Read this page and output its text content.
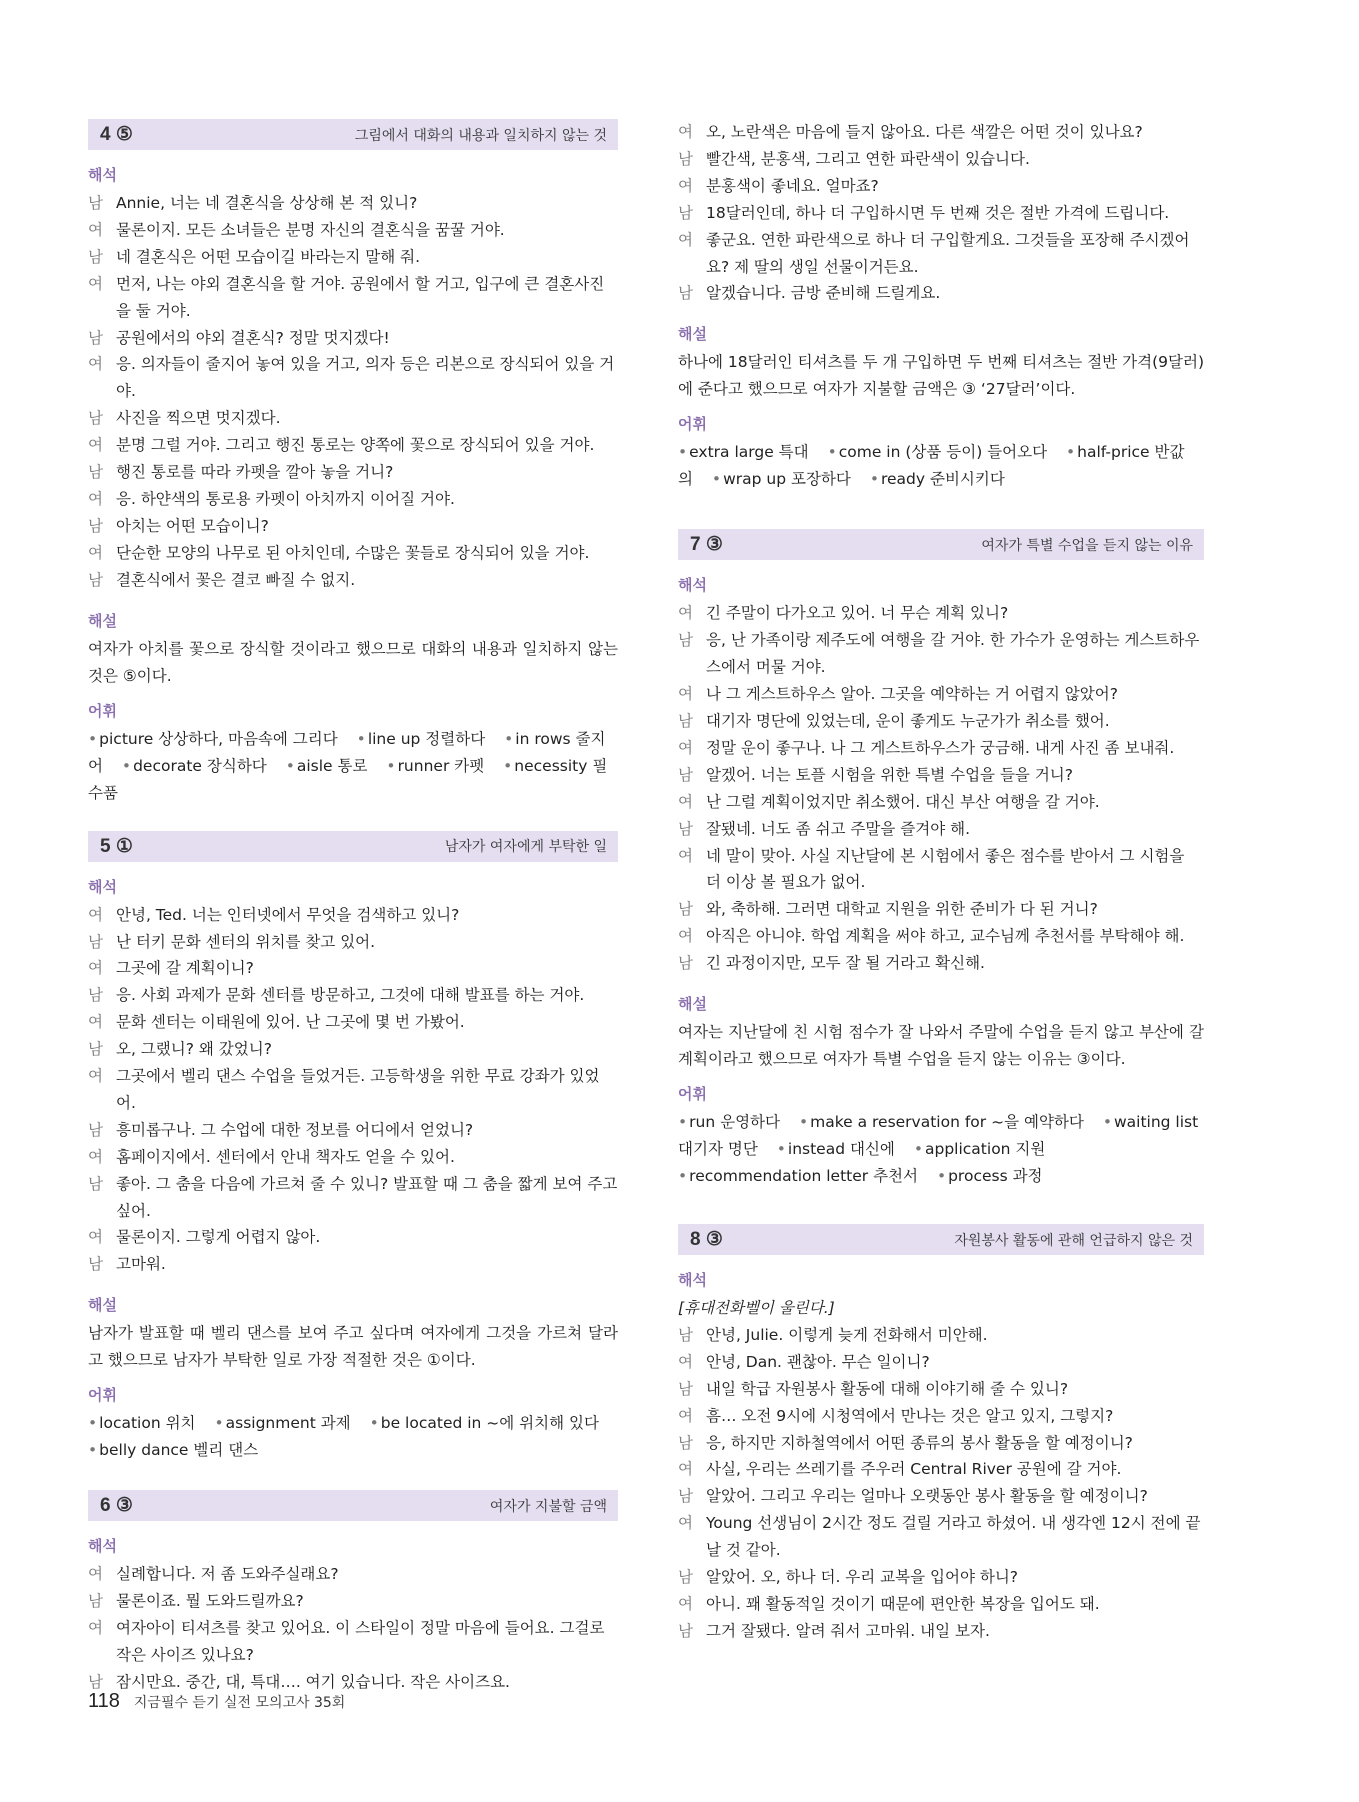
4 ⑤	그림에서 대화의 내용과 일치하지 않는 것
해석
남 Annie, 너는 네 결혼식을 상상해 본 적 있니?
여 물론이지. 모든 소녀들은 분명 자신의 결혼식을 꿈꿀 거야.
남 네 결혼식은 어떤 모습이길 바라는지 말해 줘.
여 먼저, 나는 야외 결혼식을 할 거야. 공원에서 할 거고, 입구에 큰 결혼사진을 둘 거야.
남 공원에서의 야외 결혼식? 정말 멋지겠다!
여 응. 의자들이 줄지어 놓여 있을 거고, 의자 등은 리본으로 장식되어 있을 거야.
남 사진을 찍으면 멋지겠다.
여 분명 그럴 거야. 그리고 행진 통로는 양쪽에 꽃으로 장식되어 있을 거야.
남 행진 통로를 따라 카펫을 깔아 놓을 거니?
여 응. 하얀색의 통로용 카펫이 아치까지 이어질 거야.
남 아치는 어떤 모습이니?
여 단순한 모양의 나무로 된 아치인데, 수많은 꽃들로 장식되어 있을 거야.
남 결혼식에서 꽃은 결코 빠질 수 없지.
해설

여자가 아치를 꽃으로 장식할 것이라고 했으므로 대화의 내용과 일치하지 않는 것은 ⑤이다.

어휘
• picture 상상하다, 마음속에 그리다 • line up 정렬하다 • in rows 줄지어 • decorate 장식하다 • aisle 통로 • runner 카펫 • necessity 필수품
5 ①	남자가 여자에게 부탁한 일
해석
여 안녕, Ted. 너는 인터넷에서 무엇을 검색하고 있니?
남 난 터키 문화 센터의 위치를 찾고 있어.
여 그곳에 갈 계획이니?
남 응. 사회 과제가 문화 센터를 방문하고, 그것에 대해 발표를 하는 거야.
여 문화 센터는 이태원에 있어. 난 그곳에 몇 번 가봤어.
남 오, 그랬니? 왜 갔었니?
여 그곳에서 벨리 댄스 수업을 들었거든. 고등학생을 위한 무료 강좌가 있었어.
남 흥미롭구나. 그 수업에 대한 정보를 어디에서 얻었니?
여 홈페이지에서. 센터에서 안내 책자도 얻을 수 있어.
남 좋아. 그 춤을 다음에 가르쳐 줄 수 있니? 발표할 때 그 춤을 짧게 보여 주고 싶어.
여 물론이지. 그렇게 어렵지 않아.
남 고마워.
해설

남자가 발표할 때 벨리 댄스를 보여 주고 싶다며 여자에게 그것을 가르쳐 달라고 했으므로 남자가 부탁한 일로 가장 적절한 것은 ①이다.

어휘
• location 위치 • assignment 과제 • be located in ~에 위치해 있다 • belly dance 벨리 댄스
6 ③	여자가 지불할 금액
해석
여 실례합니다. 저 좀 도와주실래요?
남 물론이죠. 뭘 도와드릴까요?
여 여자아이 티셔츠를 찾고 있어요. 이 스타일이 정말 마음에 들어요. 그걸로 작은 사이즈 있나요?
남 잠시만요. 중간, 대, 특대…. 여기 있습니다. 작은 사이즈요.
여 오, 노란색은 마음에 들지 않아요. 다른 색깔은 어떤 것이 있나요?
남 빨간색, 분홍색, 그리고 연한 파란색이 있습니다.
여 분홍색이 좋네요. 얼마죠?
남 18달러인데, 하나 더 구입하시면 두 번째 것은 절반 가격에 드립니다.
여 좋군요. 연한 파란색으로 하나 더 구입할게요. 그것들을 포장해 주시겠어요? 제 딸의 생일 선물이거든요.
남 알겠습니다. 금방 준비해 드릴게요.
해설

하나에 18달러인 티셔츠를 두 개 구입하면 두 번째 티셔츠는 절반 가격(9달러)에 준다고 했으므로 여자가 지불할 금액은 ③ ‘27달러’이다.

어휘
• extra large 특대 • come in (상품 등이) 들어오다 • half-price 반값의 • wrap up 포장하다 • ready 준비시키다
7 ③	여자가 특별 수업을 듣지 않는 이유
해석
여 긴 주말이 다가오고 있어. 너 무슨 계획 있니?
남 응, 난 가족이랑 제주도에 여행을 갈 거야. 한 가수가 운영하는 게스트하우스에서 머물 거야.
여 나 그 게스트하우스 알아. 그곳을 예약하는 거 어렵지 않았어?
남 대기자 명단에 있었는데, 운이 좋게도 누군가가 취소를 했어.
여 정말 운이 좋구나. 나 그 게스트하우스가 궁금해. 내게 사진 좀 보내줘.
남 알겠어. 너는 토플 시험을 위한 특별 수업을 들을 거니?
여 난 그럴 계획이었지만 취소했어. 대신 부산 여행을 갈 거야.
남 잘됐네. 너도 좀 쉬고 주말을 즐겨야 해.
여 네 말이 맞아. 사실 지난달에 본 시험에서 좋은 점수를 받아서 그 시험을 더 이상 볼 필요가 없어.
남 와, 축하해. 그러면 대학교 지원을 위한 준비가 다 된 거니?
여 아직은 아니야. 학업 계획을 써야 하고, 교수님께 추천서를 부탁해야 해.
남 긴 과정이지만, 모두 잘 될 거라고 확신해.
해설

여자는 지난달에 친 시험 점수가 잘 나와서 주말에 수업을 듣지 않고 부산에 갈 계획이라고 했으므로 여자가 특별 수업을 듣지 않는 이유는 ③이다.

어휘
• run 운영하다 • make a reservation for ~을 예약하다 • waiting list 대기자 명단 • instead 대신에 • application 지원 • recommendation letter 추천서 • process 과정
8 ③	자원봉사 활동에 관해 언급하지 않은 것
해석
[휴대전화벨이 울린다.]
남 안녕, Julie. 이렇게 늦게 전화해서 미안해.
여 안녕, Dan. 괜찮아. 무슨 일이니?
남 내일 학급 자원봉사 활동에 대해 이야기해 줄 수 있니?
여 흠… 오전 9시에 시청역에서 만나는 것은 알고 있지, 그렇지?
남 응, 하지만 지하철역에서 어떤 종류의 봉사 활동을 할 예정이니?
여 사실, 우리는 쓰레기를 주우러 Central River 공원에 갈 거야.
남 알았어. 그리고 우리는 얼마나 오랫동안 봉사 활동을 할 예정이니?
여 Young 선생님이 2시간 정도 걸릴 거라고 하셨어. 내 생각엔 12시 전에 끝날 것 같아.
남 알았어. 오, 하나 더. 우리 교복을 입어야 하니?
여 아니. 꽤 활동적일 것이기 때문에 편안한 복장을 입어도 돼.
남 그거 잘됐다. 알려 줘서 고마워. 내일 보자.
118 지금필수 듣기 실전 모의고사 35회
